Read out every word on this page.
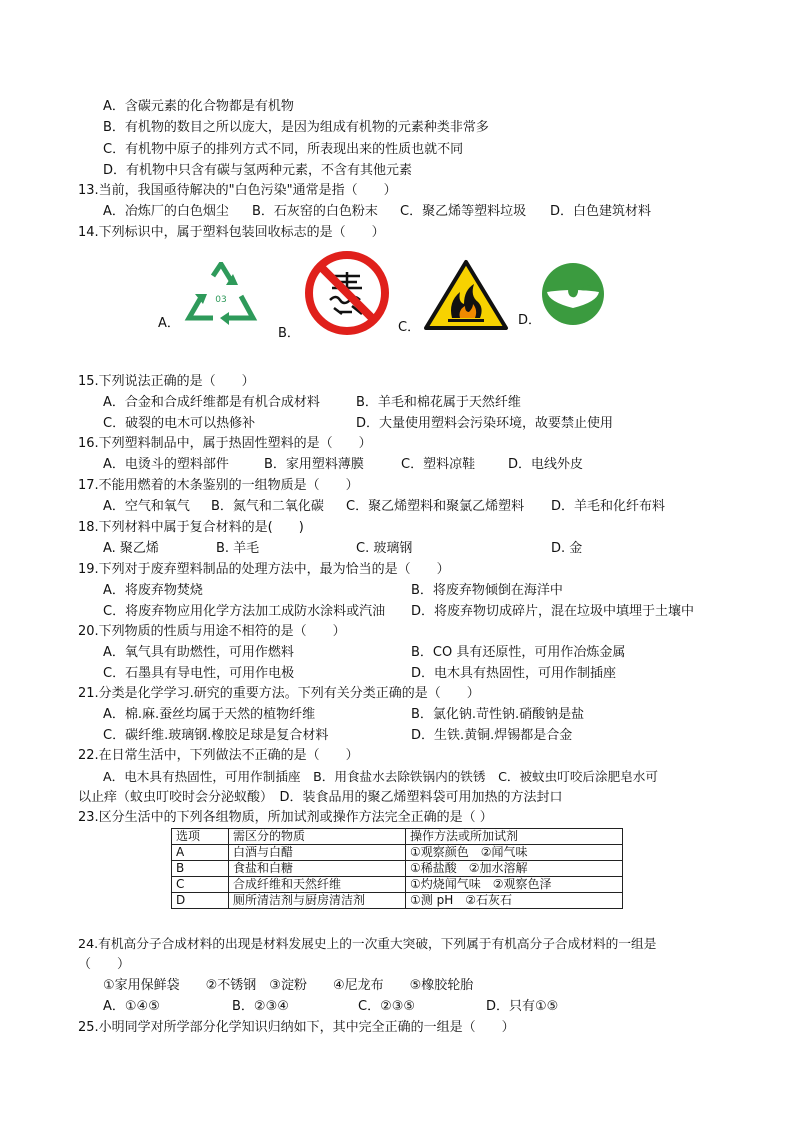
A．含碳元素的化合物都是有机物
B．有机物的数目之所以庞大，是因为组成有机物的元素种类非常多
C．有机物中原子的排列方式不同，所表现出来的性质也就不同
D．有机物中只含有碳与氢两种元素，不含有其他元素
13.当前，我国亟待解决的"白色污染"通常是指（　　）
A．冶炼厂的白色烟尘 B．石灰窑的白色粉末 C．聚乙烯等塑料垃圾 D．白色建筑材料
14.下列标识中，属于塑料包装回收标志的是（　　）
A．
03
B．	C．	D．
15.下列说法正确的是（　　）
A．合金和合成纤维都是有机合成材料	B．羊毛和棉花属于天然纤维
C．破裂的电木可以热修补	D．大量使用塑料会污染环境，故要禁止使用
16.下列塑料制品中，属于热固性塑料的是（　　）
A．电烫斗的塑料部件	B．家用塑料薄膜	C．塑料凉鞋	D．电线外皮
17.不能用燃着的木条鉴别的一组物质是（　　）
A．空气和氧气 B．氮气和二氧化碳 C．聚乙烯塑料和聚氯乙烯塑料 D．羊毛和化纤布料
18.下列材料中属于复合材料的是(　　)
A. 聚乙烯	B. 羊毛	C. 玻璃钢	D. 金
19.下列对于废弃塑料制品的处理方法中，最为恰当的是（　　）
A．将废弃物焚烧	B．将废弃物倾倒在海洋中
C．将废弃物应用化学方法加工成防水涂料或汽油 D．将废弃物切成碎片，混在垃圾中填埋于土壤中
20.下列物质的性质与用途不相符的是（　　）
A．氧气具有助燃性，可用作燃料	B．CO 具有还原性，可用作冶炼金属
C．石墨具有导电性，可用作电极	D．电木具有热固性，可用作制插座
21.分类是化学学习.研究的重要方法。下列有关分类正确的是（　　）
A．棉.麻.蚕丝均属于天然的植物纤维	B．氯化钠.苛性钠.硝酸钠是盐
C．碳纤维.玻璃钢.橡胶足球是复合材料	D．生铁.黄铜.焊锡都是合金
22.在日常生活中，下列做法不正确的是（　　）
A．电木具有热固性，可用作制插座　B．用食盐水去除铁锅内的铁锈　C．被蚊虫叮咬后涂肥皂水可
以止痒（蚊虫叮咬时会分泌蚁酸）　D．装食品用的聚乙烯塑料袋可用加热的方法封口
23.区分生活中的下列各组物质，所加试剂或操作方法完全正确的是（ ）
选项	需区分的物质	操作方法或所加试剂
A	白酒与白醋	①观察颜色　②闻气味
B	食盐和白糖	①稀盐酸　②加水溶解
C	合成纤维和天然纤维	①灼烧闻气味　②观察色泽
D	厕所清洁剂与厨房清洁剂	①测 pH　②石灰石
24.有机高分子合成材料的出现是材料发展史上的一次重大突破，下列属于有机高分子合成材料的一组是
（　　）
①家用保鲜袋　　②不锈钢　③淀粉　　④尼龙布　　⑤橡胶轮胎
A．①④⑤	B．②③④	C．②③⑤	D．只有①⑤
25.小明同学对所学部分化学知识归纳如下，其中完全正确的一组是（　　）
